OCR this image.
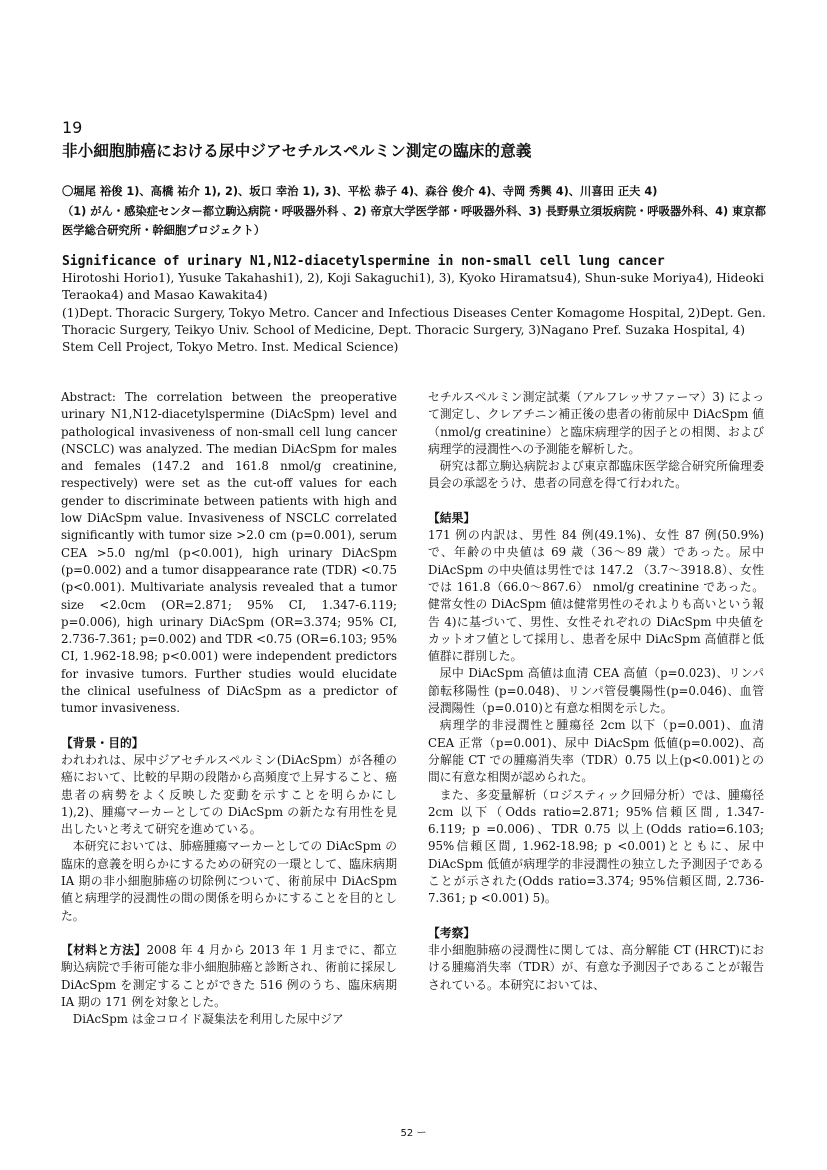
19
非小細胞肺癌における尿中ジアセチルスペルミン測定の臨床的意義
〇堀尾 裕俊 1)、高橋 祐介 1), 2)、坂口 幸治 1), 3)、平松 恭子 4)、森谷 俊介 4)、寺岡 秀興 4)、川喜田 正夫 4)
（1) がん・感染症センター都立駒込病院・呼吸器外科 、2) 帝京大学医学部・呼吸器外科、3) 長野県立須坂病院・呼吸器外科、4) 東京都医学総合研究所・幹細胞プロジェクト）
Significance of urinary N1,N12-diacetylspermine in non-small cell lung cancer

Hirotoshi Horio1), Yusuke Takahashi1), 2), Koji Sakaguchi1), 3), Kyoko Hiramatsu4), Shun-suke Moriya4), Hideoki Teraoka4) and Masao Kawakita4)

(1)Dept. Thoracic Surgery, Tokyo Metro. Cancer and Infectious Diseases Center Komagome Hospital, 2)Dept. Gen. Thoracic Surgery, Teikyo Univ. School of Medicine, Dept. Thoracic Surgery, 3)Nagano Pref. Suzaka Hospital, 4) Stem Cell Project, Tokyo Metro. Inst. Medical Science)

Abstract: The correlation between the preoperative urinary N1,N12-diacetylspermine (DiAcSpm) level and pathological invasiveness of non-small cell lung cancer (NSCLC) was analyzed. The median DiAcSpm for males and females (147.2 and 161.8 nmol/g creatinine, respectively) were set as the cut-off values for each gender to discriminate between patients with high and low DiAcSpm value. Invasiveness of NSCLC correlated significantly with tumor size >2.0 cm (p=0.001), serum CEA >5.0 ng/ml (p<0.001), high urinary DiAcSpm (p=0.002) and a tumor disappearance rate (TDR) <0.75 (p<0.001). Multivariate analysis revealed that a tumor size <2.0cm (OR=2.871; 95% CI, 1.347-6.119; p=0.006), high urinary DiAcSpm (OR=3.374; 95% CI, 2.736-7.361; p=0.002) and TDR <0.75 (OR=6.103; 95% CI, 1.962-18.98; p<0.001) were independent predictors for invasive tumors. Further studies would elucidate the clinical usefulness of DiAcSpm as a predictor of tumor invasiveness.

【背景・目的】

われわれは、尿中ジアセチルスペルミン(DiAcSpm）が各種の癌において、比較的早期の段階から高頻度で上昇すること、癌患者の病勢をよく反映した変動を示すことを明らかにし 1),2)、腫瘍マーカーとしての DiAcSpm の新たな有用性を見出したいと考えて研究を進めている。

本研究においては、肺癌腫瘍マーカーとしての DiAcSpm の臨床的意義を明らかにするための研究の一環として、臨床病期 IA 期の非小細胞肺癌の切除例について、術前尿中 DiAcSpm 値と病理学的浸潤性の間の関係を明らかにすることを目的とした。

【材料と方法】2008 年 4 月から 2013 年 1 月までに、都立駒込病院で手術可能な非小細胞肺癌と診断され、術前に採尿し DiAcSpm を測定することができた 516 例のうち、臨床病期 IA 期の 171 例を対象とした。

DiAcSpm は金コロイド凝集法を利用した尿中ジア

セチルスペルミン測定試薬（アルフレッサファーマ）3) によって測定し、クレアチニン補正後の患者の術前尿中 DiAcSpm 値（nmol/g creatinine）と臨床病理学的因子との相関、および病理学的浸潤性への予測能を解析した。

研究は都立駒込病院および東京都臨床医学総合研究所倫理委員会の承認をうけ、患者の同意を得て行われた。

【結果】

171 例の内訳は、男性 84 例(49.1%)、女性 87 例(50.9%)で、年齢の中央値は 69 歳（36～89 歳）であった。尿中 DiAcSpm の中央値は男性では 147.2 （3.7～3918.8）、女性では 161.8（66.0～867.6） nmol/g creatinine であった。健常女性の DiAcSpm 値は健常男性のそれよりも高いという報告 4)に基づいて、男性、女性それぞれの DiAcSpm 中央値をカットオフ値として採用し、患者を尿中 DiAcSpm 高値群と低値群に群別した。

尿中 DiAcSpm 高値は血清 CEA 高値（p=0.023)、リンパ節転移陽性 (p=0.048)、リンパ管侵襲陽性(p=0.046)、血管浸潤陽性（p=0.010)と有意な相関を示した。

病理学的非浸潤性と腫瘍径 2cm 以下（p=0.001)、血清 CEA 正常（p=0.001)、尿中 DiAcSpm 低値(p=0.002)、高分解能 CT での腫瘍消失率（TDR）0.75 以上(p<0.001)との間に有意な相関が認められた。

また、多変量解析（ロジスティック回帰分析）では、腫瘍径 2cm 以下（Odds ratio=2.871; 95%信頼区間, 1.347- 6.119; p =0.006)、TDR 0.75 以上(Odds ratio=6.103; 95%信頼区間, 1.962-18.98; p <0.001)とともに、尿中 DiAcSpm 低値が病理学的非浸潤性の独立した予測因子であることが示された(Odds ratio=3.374; 95%信頼区間, 2.736-7.361; p <0.001) 5)。

【考察】

非小細胞肺癌の浸潤性に関しては、高分解能 CT (HRCT)における腫瘍消失率（TDR）が、有意な予測因子であることが報告されている。本研究においては、

52 ー
